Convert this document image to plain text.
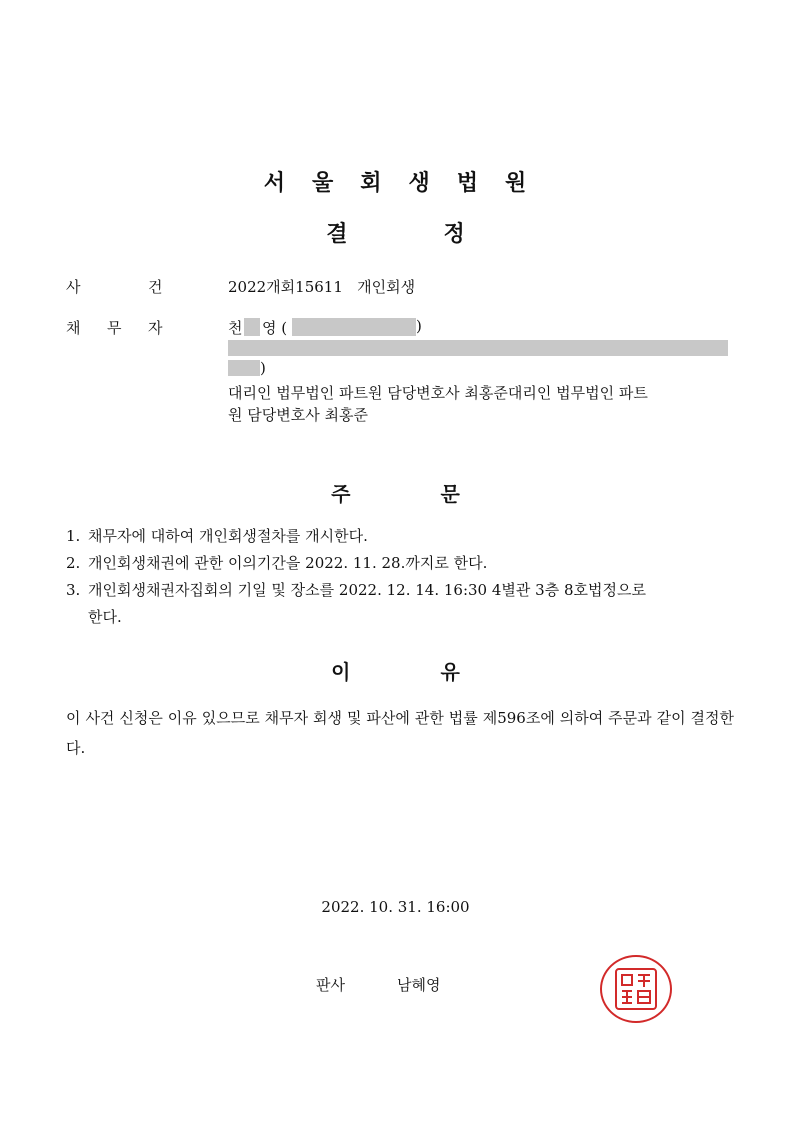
서 울 회 생 법 원
결	정
사	건	2022개회15611   개인회생
채 무 자	천 영 (	)
)
대리인 법무법인 파트원 담당변호사 최홍준대리인 법무법인 파트
원 담당변호사 최홍준
주	문
1. 채무자에 대하여 개인회생절차를 개시한다.
2. 개인회생채권에 관한 이의기간을 2022. 11. 28.까지로 한다.
3. 개인회생채권자집회의 기일 및 장소를 2022. 12. 14. 16:30 4별관 3층 8호법정으로
한다.
이	유
이 사건 신청은 이유 있으므로 채무자 회생 및 파산에 관한 법률 제596조에 의하여 주문과 같이 결정한다.
2022. 10. 31. 16:00
판사	남혜영
